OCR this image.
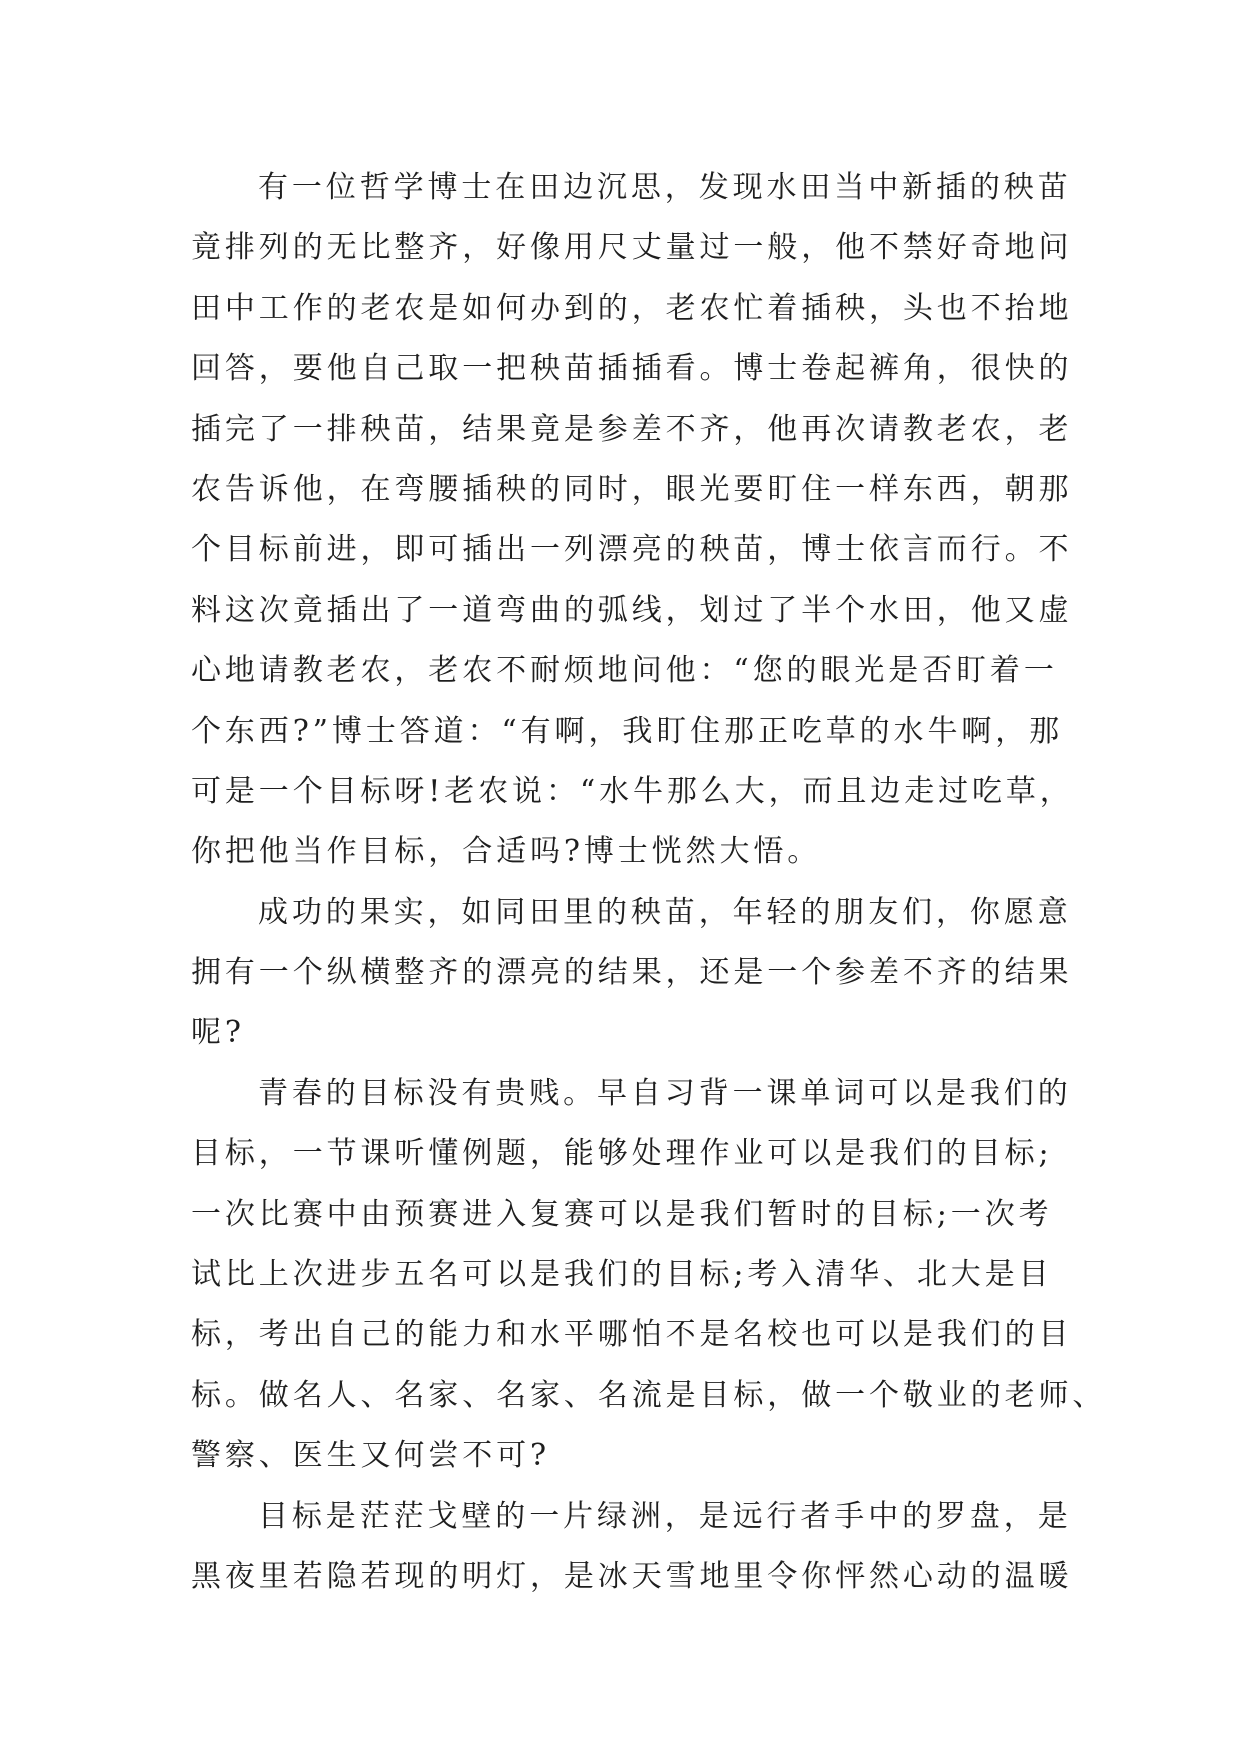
有一位哲学博士在田边沉思，发现水田当中新插的秧苗
竟排列的无比整齐，好像用尺丈量过一般，他不禁好奇地问
田中工作的老农是如何办到的，老农忙着插秧，头也不抬地
回答，要他自己取一把秧苗插插看。博士卷起裤角，很快的
插完了一排秧苗，结果竟是参差不齐，他再次请教老农，老
农告诉他，在弯腰插秧的同时，眼光要盯住一样东西，朝那
个目标前进，即可插出一列漂亮的秧苗，博士依言而行。不
料这次竟插出了一道弯曲的弧线，划过了半个水田，他又虚
心地请教老农，老农不耐烦地问他：“您的眼光是否盯着一
个东西?”博士答道：“有啊，我盯住那正吃草的水牛啊，那
可是一个目标呀!老农说：“水牛那么大，而且边走过吃草，
你把他当作目标，合适吗?博士恍然大悟。
成功的果实，如同田里的秧苗，年轻的朋友们，你愿意
拥有一个纵横整齐的漂亮的结果，还是一个参差不齐的结果
呢?
青春的目标没有贵贱。早自习背一课单词可以是我们的
目标，一节课听懂例题，能够处理作业可以是我们的目标;
一次比赛中由预赛进入复赛可以是我们暂时的目标;一次考
试比上次进步五名可以是我们的目标;考入清华、北大是目
标，考出自己的能力和水平哪怕不是名校也可以是我们的目
标。做名人、名家、名家、名流是目标，做一个敬业的老师、
警察、医生又何尝不可?
目标是茫茫戈壁的一片绿洲，是远行者手中的罗盘，是
黑夜里若隐若现的明灯，是冰天雪地里令你怦然心动的温暖
